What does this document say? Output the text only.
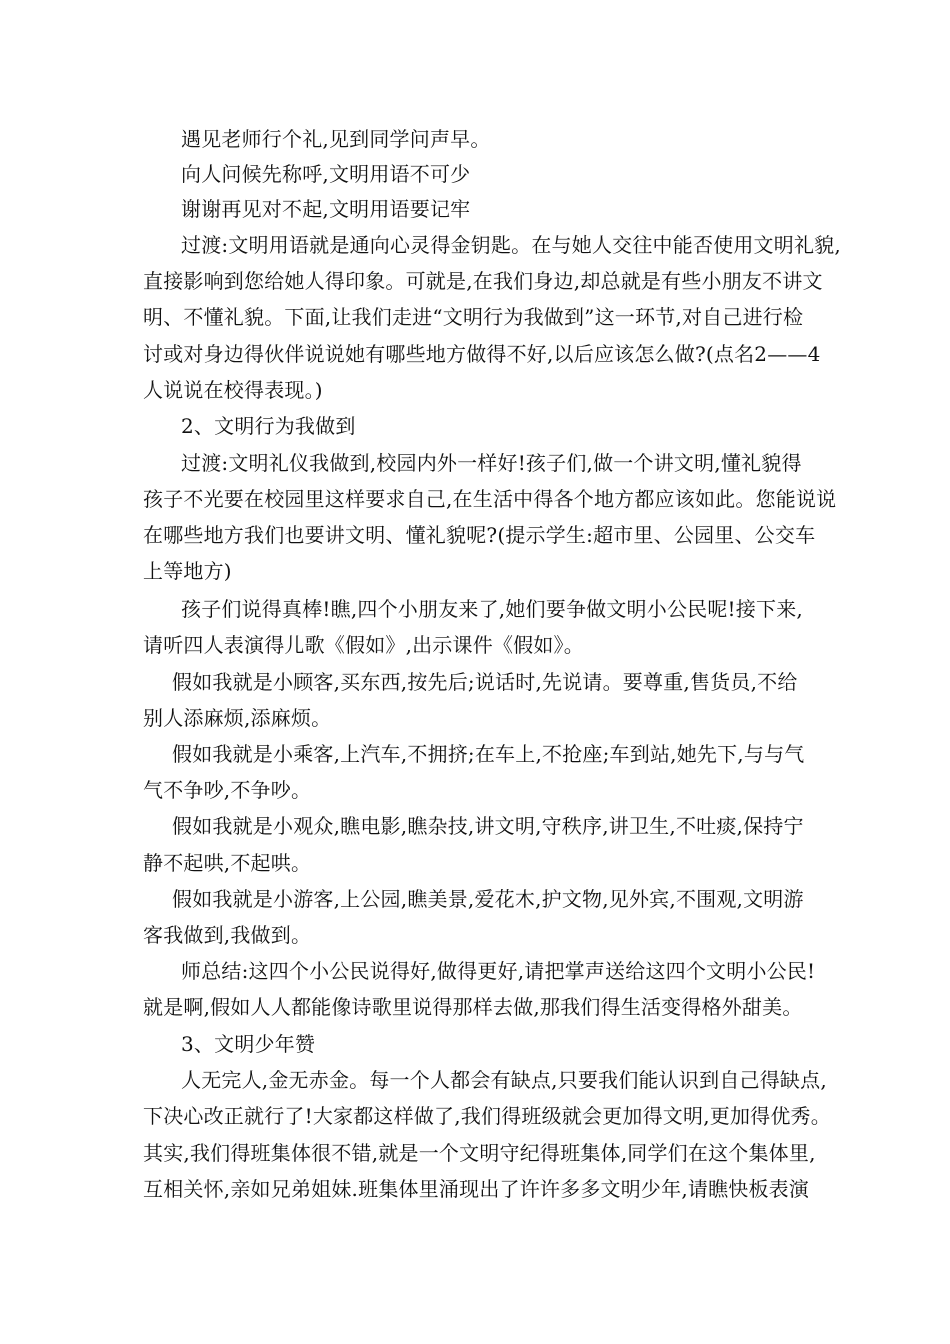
遇见老师行个礼,见到同学问声早。

向人问候先称呼,文明用语不可少

谢谢再见对不起,文明用语要记牢

过渡:文明用语就是通向心灵得金钥匙。在与她人交往中能否使用文明礼貌,

直接影响到您给她人得印象。可就是,在我们身边,却总就是有些小朋友不讲文

明、不懂礼貌。下面,让我们走进“文明行为我做到”这一环节,对自己进行检

讨或对身边得伙伴说说她有哪些地方做得不好,以后应该怎么做?(点名2——4

人说说在校得表现。)

2、文明行为我做到

过渡:文明礼仪我做到,校园内外一样好!孩子们,做一个讲文明,懂礼貌得

孩子不光要在校园里这样要求自己,在生活中得各个地方都应该如此。您能说说

在哪些地方我们也要讲文明、懂礼貌呢?(提示学生:超市里、公园里、公交车

上等地方)

孩子们说得真棒!瞧,四个小朋友来了,她们要争做文明小公民呢!接下来,

请听四人表演得儿歌《假如》,出示课件《假如》。

假如我就是小顾客,买东西,按先后;说话时,先说请。要尊重,售货员,不给

别人添麻烦,添麻烦。

假如我就是小乘客,上汽车,不拥挤;在车上,不抢座;车到站,她先下,与与气

气不争吵,不争吵。

假如我就是小观众,瞧电影,瞧杂技,讲文明,守秩序,讲卫生,不吐痰,保持宁

静不起哄,不起哄。

假如我就是小游客,上公园,瞧美景,爱花木,护文物,见外宾,不围观,文明游

客我做到,我做到。

师总结:这四个小公民说得好,做得更好,请把掌声送给这四个文明小公民!

就是啊,假如人人都能像诗歌里说得那样去做,那我们得生活变得格外甜美。

3、文明少年赞

人无完人,金无赤金。每一个人都会有缺点,只要我们能认识到自己得缺点,

下决心改正就行了!大家都这样做了,我们得班级就会更加得文明,更加得优秀。

其实,我们得班集体很不错,就是一个文明守纪得班集体,同学们在这个集体里,

互相关怀,亲如兄弟姐妹.班集体里涌现出了许许多多文明少年,请瞧快板表演
